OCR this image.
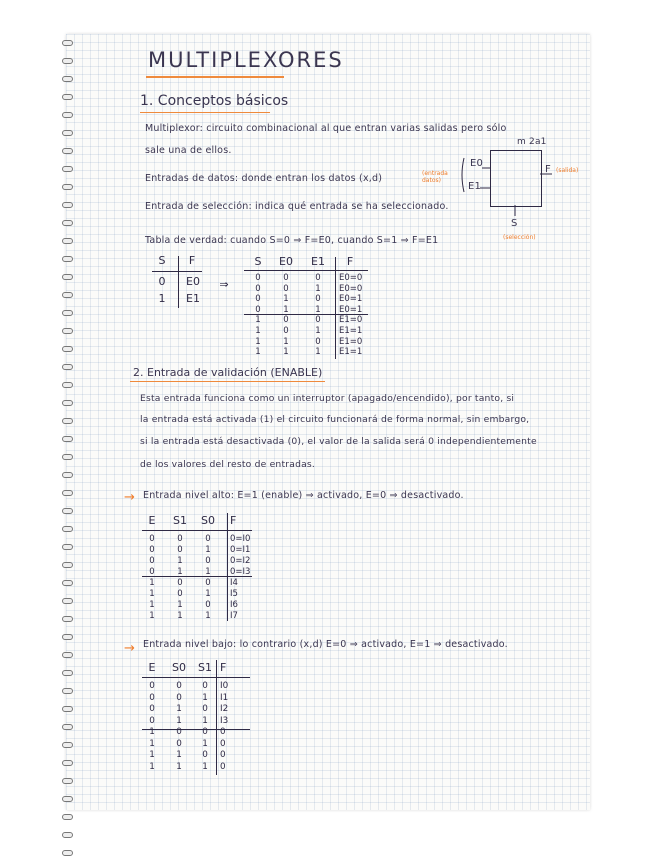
MULTIPLEXORES
1. Conceptos básicos
Multiplexor: circuito combinacional al que entran varias salidas pero sólo
sale una de ellos.
Entradas de datos: donde entran los datos (x,d)
Entrada de selección: indica qué entrada se ha seleccionado.
Tabla de verdad: cuando S=0 ⇒ F=E0, cuando S=1 ⇒ F=E1
m 2a1
E0
E1
(entrada datos)
F (salida)
S
(selección)
S	F
0	E0
1	E1
⇒
S	E0	E1	F
0	0	0	E0=0
0	0	1	E0=0
0	1	0	E0=1
0	1	1	E0=1
1	0	0	E1=0
1	0	1	E1=1
1	1	0	E1=0
1	1	1	E1=1
2. Entrada de validación (ENABLE)
Esta entrada funciona como un interruptor (apagado/encendido), por tanto, si
la entrada está activada (1) el circuito funcionará de forma normal, sin embargo,
si la entrada está desactivada (0), el valor de la salida será 0 independientemente
de los valores del resto de entradas.
→ Entrada nivel alto: E=1 (enable) ⇒ activado, E=0 ⇒ desactivado.
E	S1 S0 F
0	0	0	0=I0
0	0	1	0=I1
0	1	0	0=I2
0	1	1	0=I3
1	0	0	I4
1	0	1	I5
1	1	0	I6
1	1	1	I7
→ Entrada nivel bajo: lo contrario (x,d) E=0 ⇒ activado, E=1 ⇒ desactivado.
E	S0	S1 F
0	0	0	I0
0	0	1	I1
0	1	0	I2
0	1	1	I3
1	0	0	0
1	0	1	0
1	1	0	0
1	1	1	0
